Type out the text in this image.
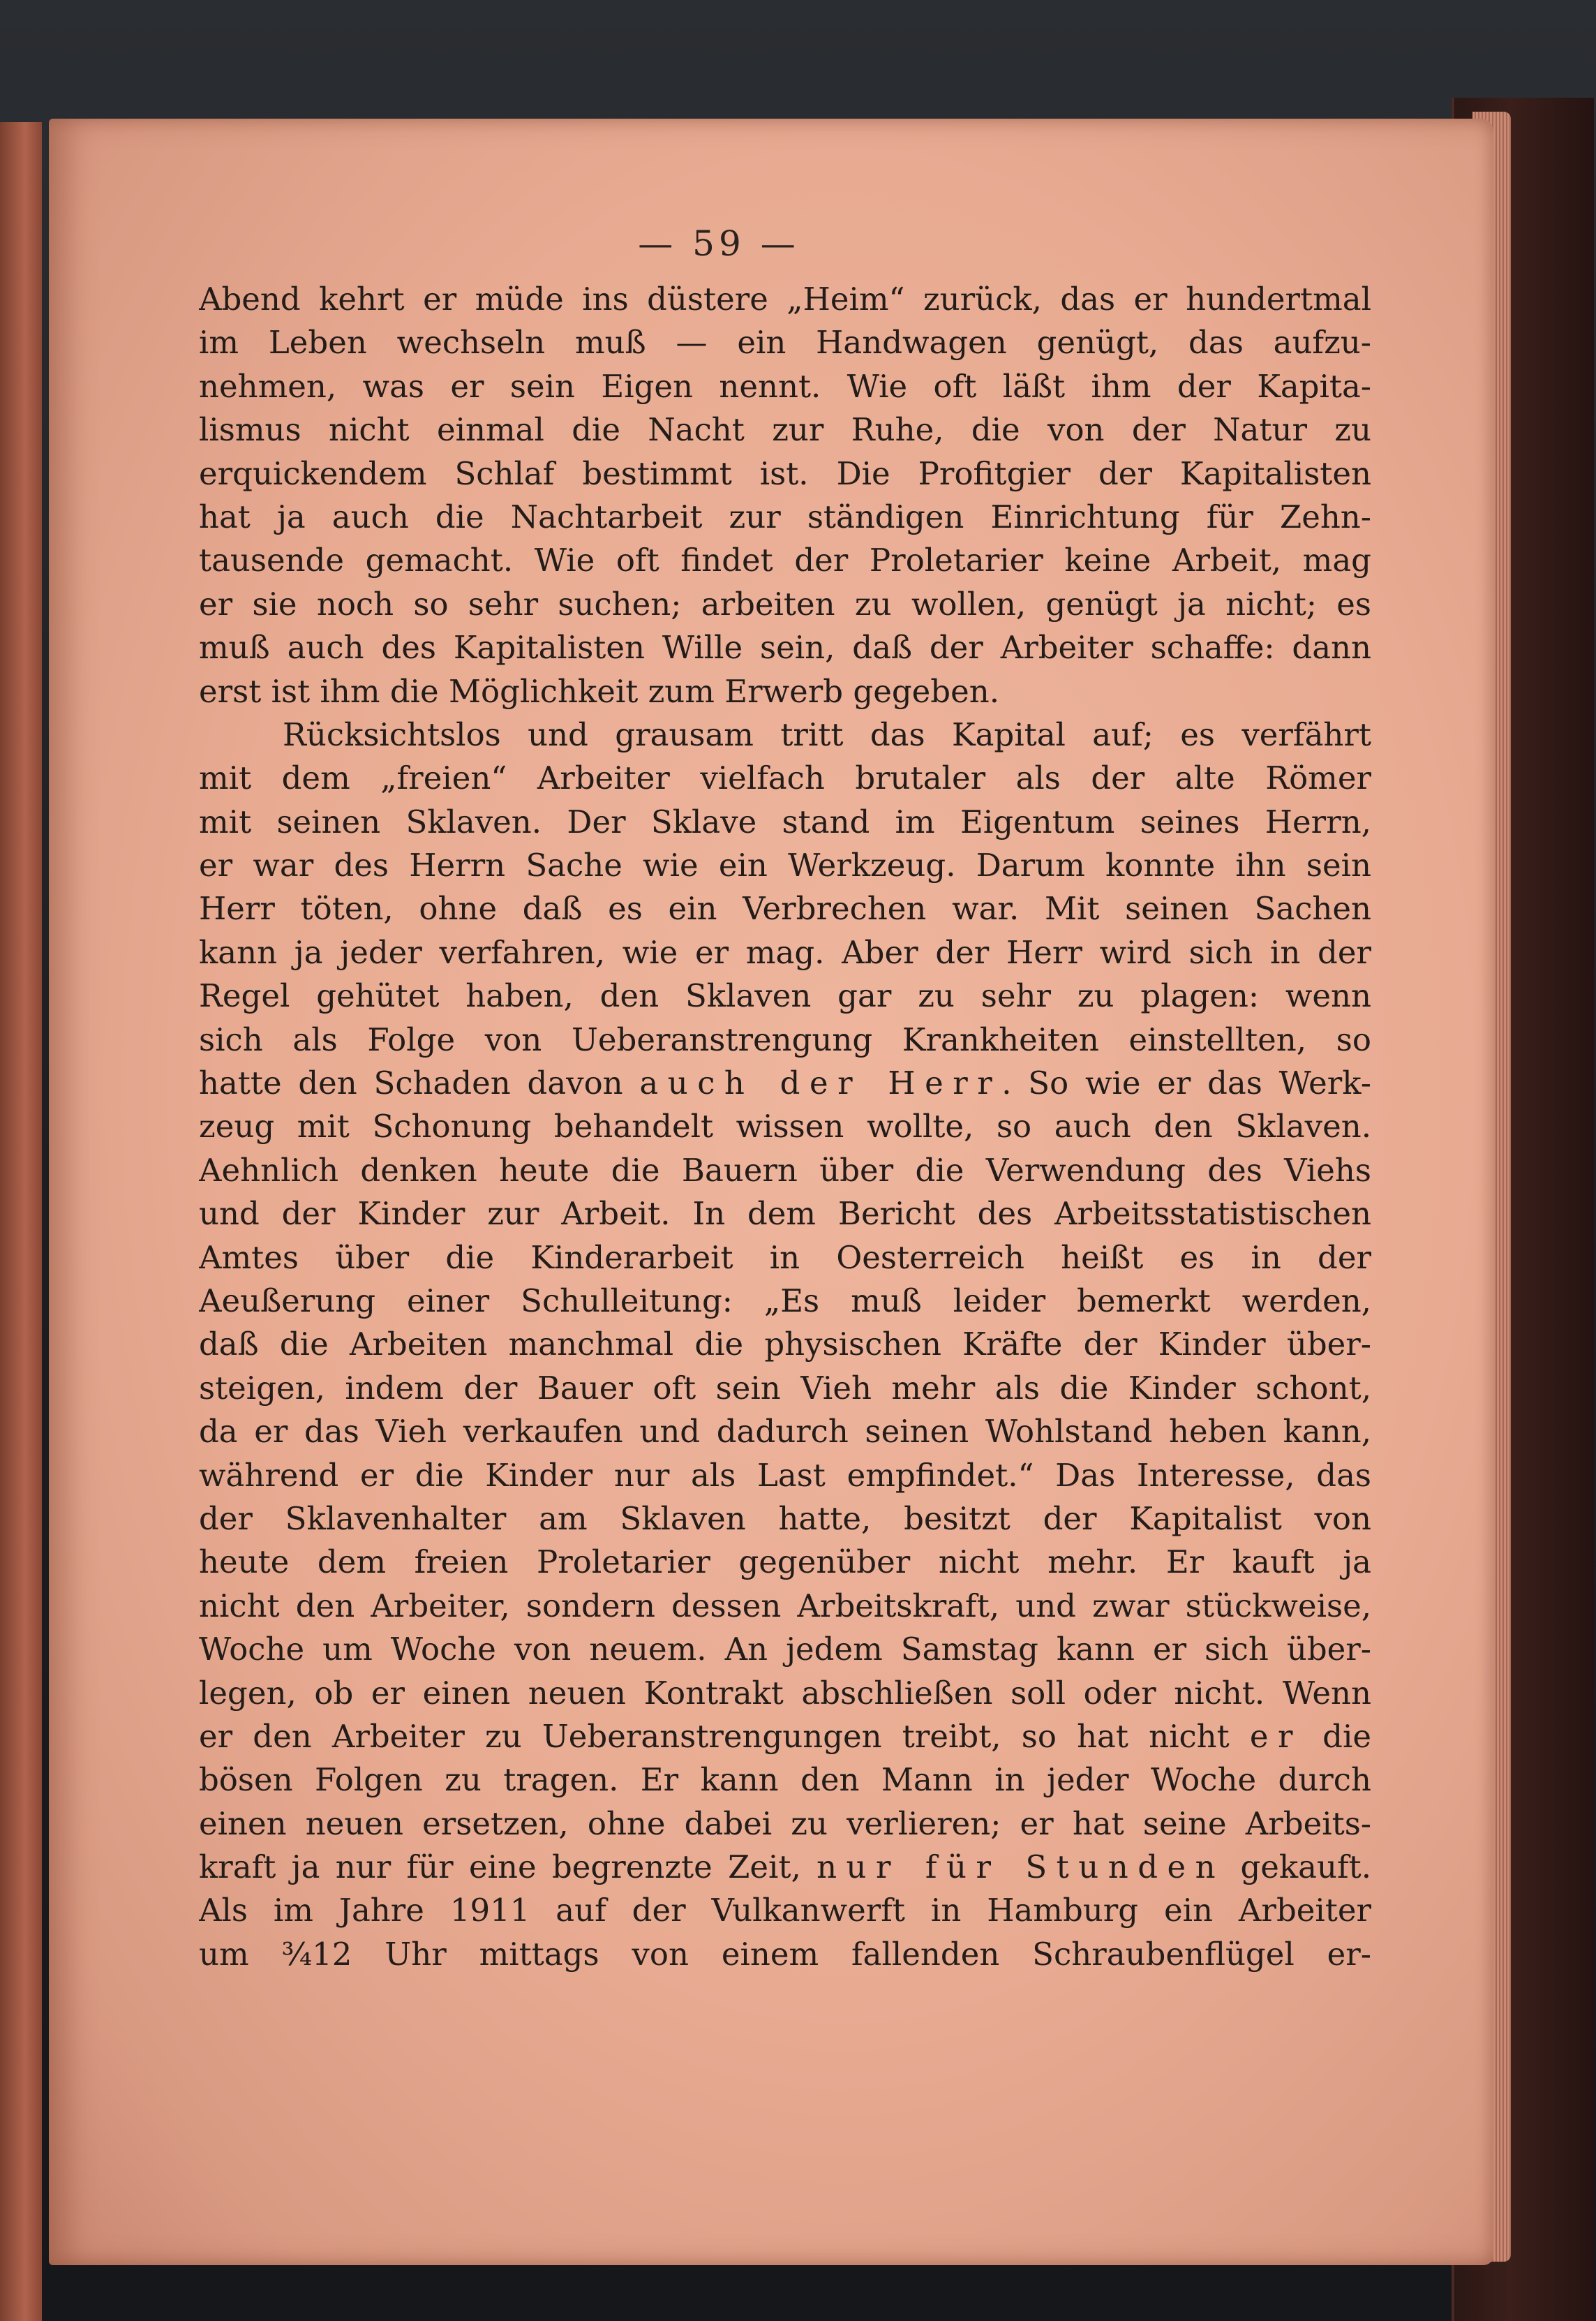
— 59 —
Abend kehrt er müde ins düstere „Heim“ zurück, das er hundertmal
im Leben wechseln muß — ein Handwagen genügt, das aufzu-
nehmen, was er sein Eigen nennt. Wie oft läßt ihm der Kapita-
lismus nicht einmal die Nacht zur Ruhe, die von der Natur zu
erquickendem Schlaf bestimmt ist. Die Profitgier der Kapitalisten
hat ja auch die Nachtarbeit zur ständigen Einrichtung für Zehn-
tausende gemacht. Wie oft findet der Proletarier keine Arbeit, mag
er sie noch so sehr suchen; arbeiten zu wollen, genügt ja nicht; es
muß auch des Kapitalisten Wille sein, daß der Arbeiter schaffe: dann
erst ist ihm die Möglichkeit zum Erwerb gegeben.
Rücksichtslos und grausam tritt das Kapital auf; es verfährt
mit dem „freien“ Arbeiter vielfach brutaler als der alte Römer
mit seinen Sklaven. Der Sklave stand im Eigentum seines Herrn,
er war des Herrn Sache wie ein Werkzeug. Darum konnte ihn sein
Herr töten, ohne daß es ein Verbrechen war. Mit seinen Sachen
kann ja jeder verfahren, wie er mag. Aber der Herr wird sich in der
Regel gehütet haben, den Sklaven gar zu sehr zu plagen: wenn
sich als Folge von Ueberanstrengung Krankheiten einstellten, so
hatte den Schaden davon auch der Herr. So wie er das Werk-
zeug mit Schonung behandelt wissen wollte, so auch den Sklaven.
Aehnlich denken heute die Bauern über die Verwendung des Viehs
und der Kinder zur Arbeit. In dem Bericht des Arbeitsstatistischen
Amtes über die Kinderarbeit in Oesterreich heißt es in der
Aeußerung einer Schulleitung: „Es muß leider bemerkt werden,
daß die Arbeiten manchmal die physischen Kräfte der Kinder über-
steigen, indem der Bauer oft sein Vieh mehr als die Kinder schont,
da er das Vieh verkaufen und dadurch seinen Wohlstand heben kann,
während er die Kinder nur als Last empfindet.“ Das Interesse, das
der Sklavenhalter am Sklaven hatte, besitzt der Kapitalist von
heute dem freien Proletarier gegenüber nicht mehr. Er kauft ja
nicht den Arbeiter, sondern dessen Arbeitskraft, und zwar stückweise,
Woche um Woche von neuem. An jedem Samstag kann er sich über-
legen, ob er einen neuen Kontrakt abschließen soll oder nicht. Wenn
er den Arbeiter zu Ueberanstrengungen treibt, so hat nicht er die
bösen Folgen zu tragen. Er kann den Mann in jeder Woche durch
einen neuen ersetzen, ohne dabei zu verlieren; er hat seine Arbeits-
kraft ja nur für eine begrenzte Zeit, nur für Stunden gekauft.
Als im Jahre 1911 auf der Vulkanwerft in Hamburg ein Arbeiter
um ¾12 Uhr mittags von einem fallenden Schraubenflügel er-
